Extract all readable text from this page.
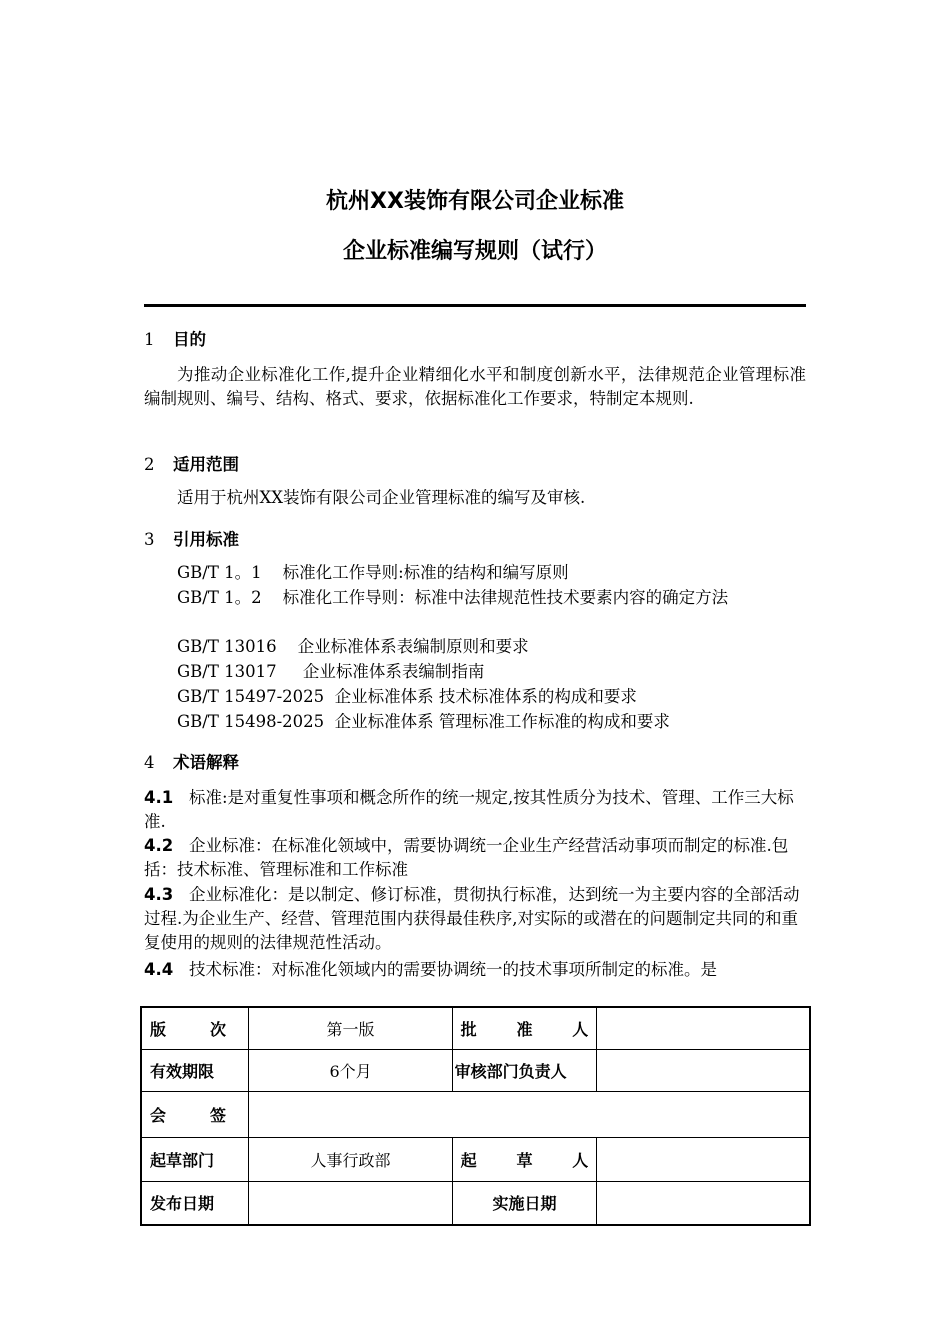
杭州XX装饰有限公司企业标准
企业标准编写规则（试行）
1 目的
为推动企业标准化工作,提升企业精细化水平和制度创新水平，法律规范企业管理标准编制规则、编号、结构、格式、要求，依据标准化工作要求，特制定本规则.
2 适用范围
适用于杭州XX装饰有限公司企业管理标准的编写及审核.
3 引用标准
GB/T 1。1    标准化工作导则:标准的结构和编写原则
GB/T 1。2    标准化工作导则：标准中法律规范性技术要素内容的确定方法
GB/T 13016    企业标准体系表编制原则和要求
GB/T 13017     企业标准体系表编制指南
GB/T 15497-2025  企业标准体系 技术标准体系的构成和要求
GB/T 15498-2025  企业标准体系 管理标准工作标准的构成和要求
4 术语解释
4.1 标准:是对重复性事项和概念所作的统一规定,按其性质分为技术、管理、工作三大标准.
4.2 企业标准：在标准化领域中，需要协调统一企业生产经营活动事项而制定的标准.包括：技术标准、管理标准和工作标准
4.3 企业标准化：是以制定、修订标准，贯彻执行标准，达到统一为主要内容的全部活动过程.为企业生产、经营、管理范围内获得最佳秩序,对实际的或潜在的问题制定共同的和重复使用的规则的法律规范性活动。
4.4 技术标准：对标准化领域内的需要协调统一的技术事项所制定的标准。是
版 次	第一版	批 准 人	

有效期限	6个月	审核部门负责人	

会 签			

起草部门	人事行政部	起 草 人	

发布日期		实施日期	
